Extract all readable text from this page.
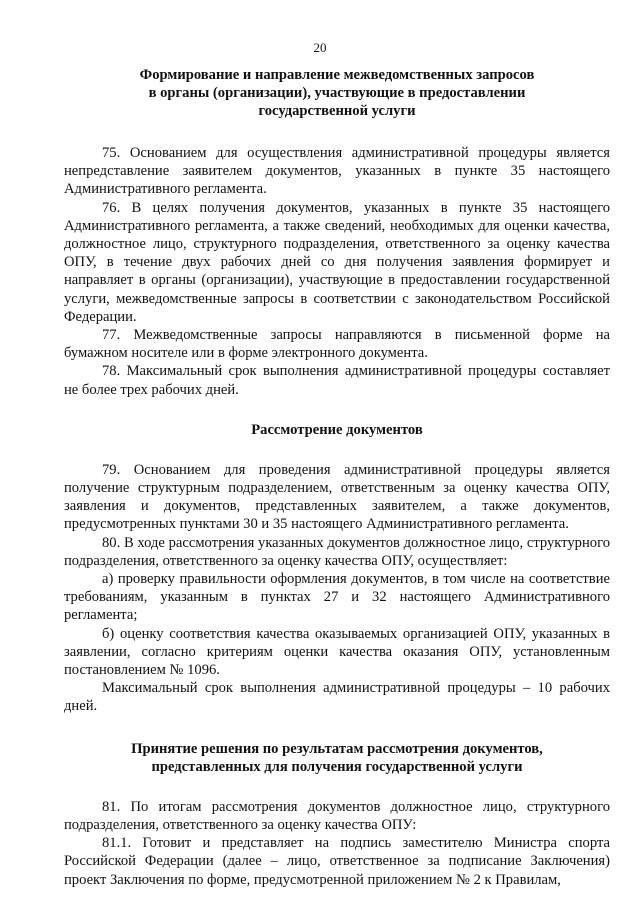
20
Формирование и направление межведомственных запросов
в органы (организации), участвующие в предоставлении
государственной услуги

75. Основанием для осуществления административной процедуры является непредставление заявителем документов, указанных в пункте 35 настоящего Административного регламента.

76. В целях получения документов, указанных в пункте 35 настоящего Административного регламента, а также сведений, необходимых для оценки качества, должностное лицо, структурного подразделения, ответственного за оценку качества ОПУ, в течение двух рабочих дней со дня получения заявления формирует и направляет в органы (организации), участвующие в предоставлении государственной услуги, межведомственные запросы в соответствии с законодательством Российской Федерации.

77. Межведомственные запросы направляются в письменной форме на бумажном носителе или в форме электронного документа.

78. Максимальный срок выполнения административной процедуры составляет не более трех рабочих дней.

Рассмотрение документов

79. Основанием для проведения административной процедуры является получение структурным подразделением, ответственным за оценку качества ОПУ, заявления и документов, представленных заявителем, а также документов, предусмотренных пунктами 30 и 35 настоящего Административного регламента.

80. В ходе рассмотрения указанных документов должностное лицо, структурного подразделения, ответственного за оценку качества ОПУ, осуществляет:

а) проверку правильности оформления документов, в том числе на соответствие требованиям, указанным в пунктах 27 и 32 настоящего Административного регламента;

б) оценку соответствия качества оказываемых организацией ОПУ, указанных в заявлении, согласно критериям оценки качества оказания ОПУ, установленным постановлением № 1096.

Максимальный срок выполнения административной процедуры – 10 рабочих дней.

Принятие решения по результатам рассмотрения документов,
представленных для получения государственной услуги

81. По итогам рассмотрения документов должностное лицо, структурного подразделения, ответственного за оценку качества ОПУ:

81.1. Готовит и представляет на подпись заместителю Министра спорта Российской Федерации (далее – лицо, ответственное за подписание Заключения) проект Заключения по форме, предусмотренной приложением № 2 к Правилам,
